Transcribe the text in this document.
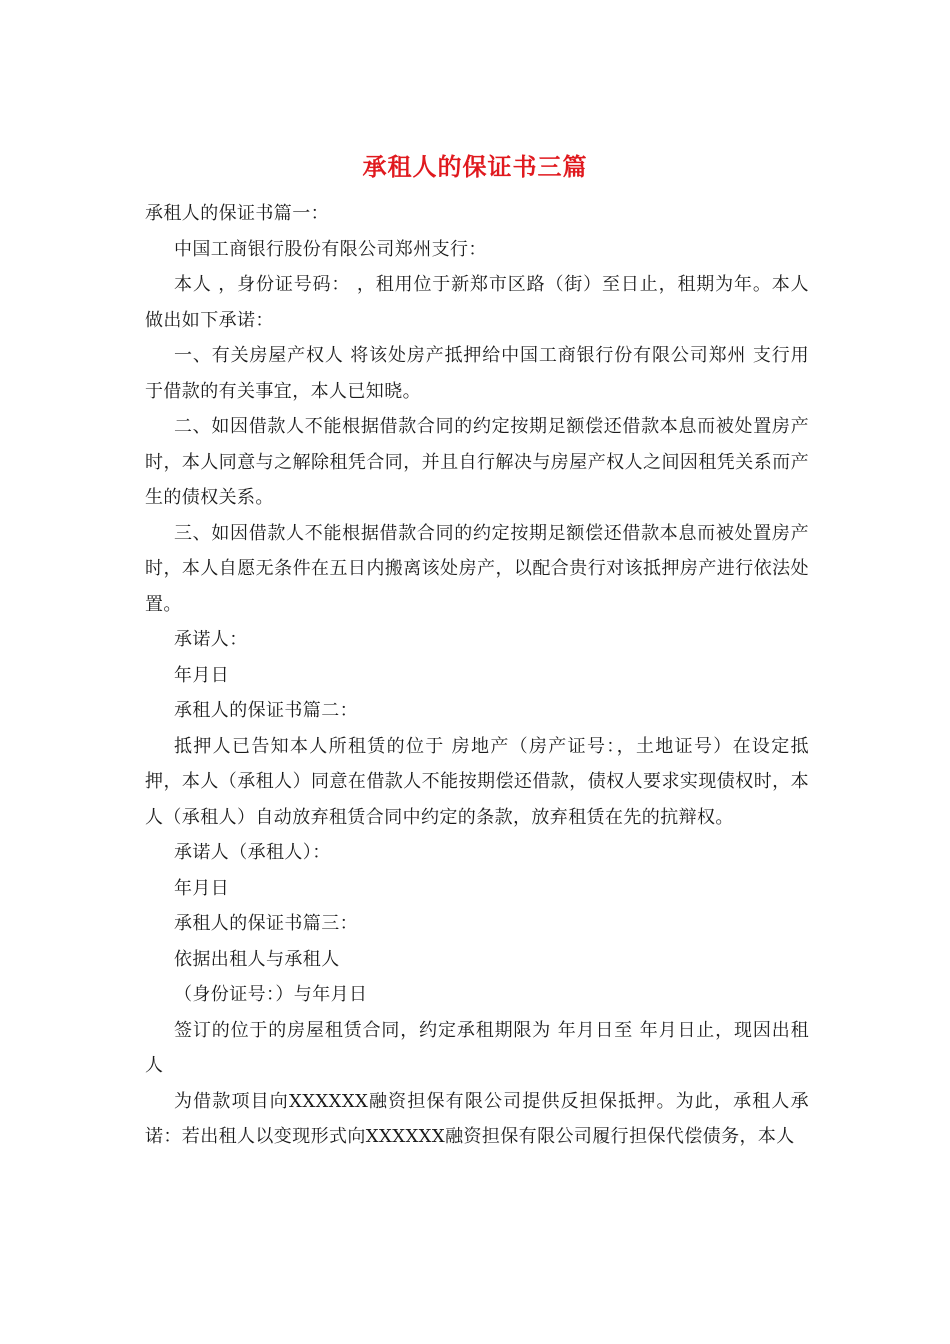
承租人的保证书三篇

承租人的保证书篇一：

中国工商银行股份有限公司郑州支行：

本人 ，身份证号码： ，租用位于新郑市区路（街）至日止，租期为年。本人做出如下承诺：

一、有关房屋产权人 将该处房产抵押给中国工商银行份有限公司郑州 支行用于借款的有关事宜，本人已知晓。

二、如因借款人不能根据借款合同的约定按期足额偿还借款本息而被处置房产时，本人同意与之解除租凭合同，并且自行解决与房屋产权人之间因租凭关系而产生的债权关系。

三、如因借款人不能根据借款合同的约定按期足额偿还借款本息而被处置房产时，本人自愿无条件在五日内搬离该处房产，以配合贵行对该抵押房产进行依法处置。

承诺人：

年月日

承租人的保证书篇二：

抵押人已告知本人所租赁的位于 房地产（房产证号：，土地证号）在设定抵押，本人（承租人）同意在借款人不能按期偿还借款，债权人要求实现债权时，本人（承租人）自动放弃租赁合同中约定的条款，放弃租赁在先的抗辩权。

承诺人（承租人）：

年月日

承租人的保证书篇三：

依据出租人与承租人

（身份证号：）与年月日

签订的位于的房屋租赁合同，约定承租期限为 年月日至 年月日止，现因出租人

为借款项目向XXXXXX融资担保有限公司提供反担保抵押。为此，承租人承诺：若出租人以变现形式向XXXXXX融资担保有限公司履行担保代偿债务，本人
